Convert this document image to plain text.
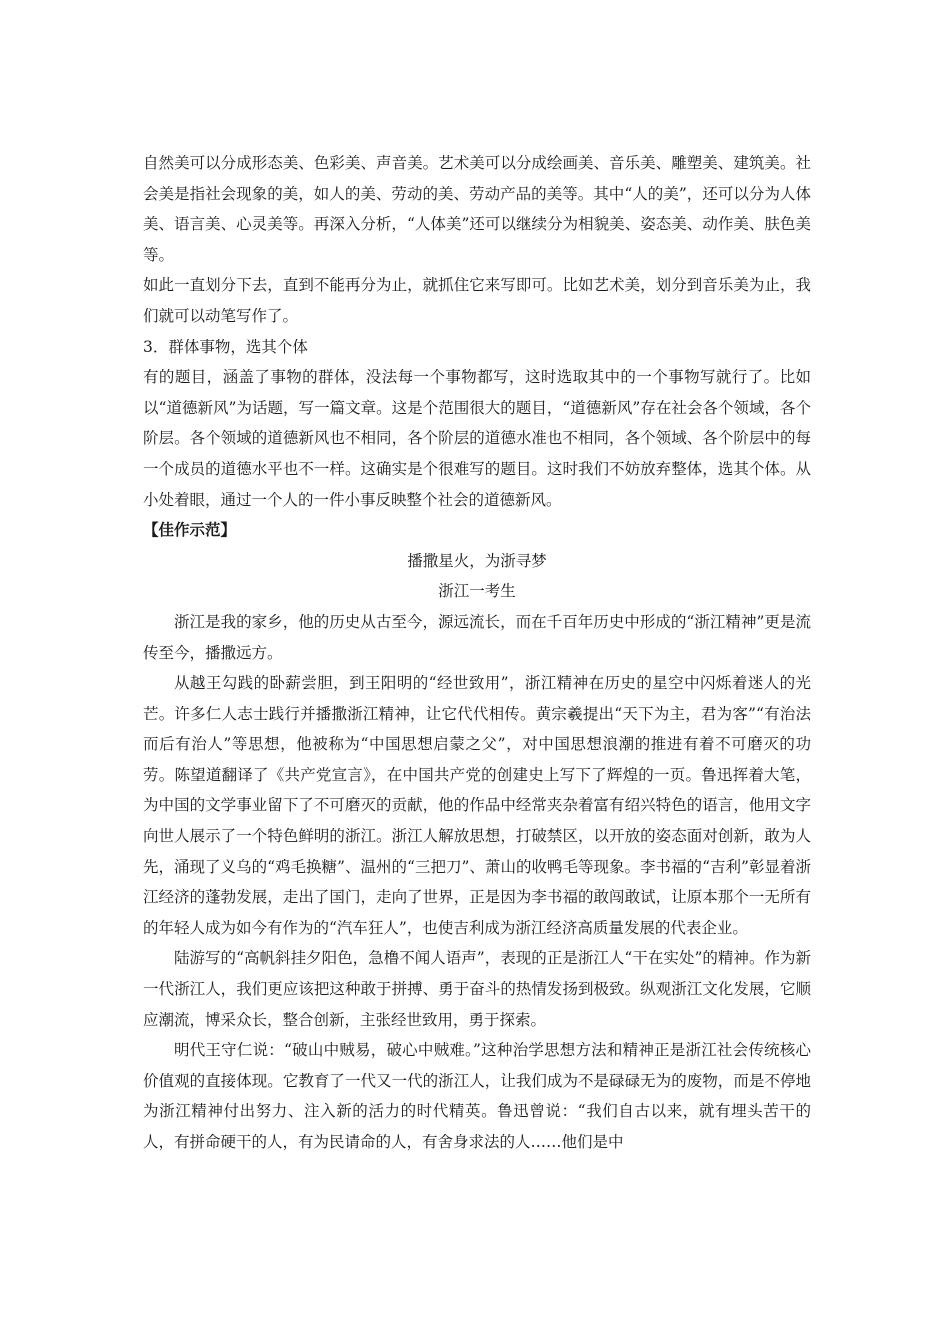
自然美可以分成形态美、色彩美、声音美。艺术美可以分成绘画美、音乐美、雕塑美、建筑美。社会美是指社会现象的美，如人的美、劳动的美、劳动产品的美等。其中“人的美”，还可以分为人体美、语言美、心灵美等。再深入分析，“人体美”还可以继续分为相貌美、姿态美、动作美、肤色美等。

如此一直划分下去，直到不能再分为止，就抓住它来写即可。比如艺术美，划分到音乐美为止，我们就可以动笔写作了。

3．群体事物，选其个体

有的题目，涵盖了事物的群体，没法每一个事物都写，这时选取其中的一个事物写就行了。比如以“道德新风”为话题，写一篇文章。这是个范围很大的题目，“道德新风”存在社会各个领域，各个阶层。各个领域的道德新风也不相同，各个阶层的道德水准也不相同，各个领域、各个阶层中的每一个成员的道德水平也不一样。这确实是个很难写的题目。这时我们不妨放弃整体，选其个体。从小处着眼，通过一个人的一件小事反映整个社会的道德新风。

【佳作示范】

播撒星火，为浙寻梦

浙江一考生

浙江是我的家乡，他的历史从古至今，源远流长，而在千百年历史中形成的“浙江精神”更是流传至今，播撒远方。

从越王勾践的卧薪尝胆，到王阳明的“经世致用”，浙江精神在历史的星空中闪烁着迷人的光芒。许多仁人志士践行并播撒浙江精神，让它代代相传。黄宗羲提出“天下为主，君为客”“有治法而后有治人”等思想，他被称为“中国思想启蒙之父”，对中国思想浪潮的推进有着不可磨灭的功劳。陈望道翻译了《共产党宣言》，在中国共产党的创建史上写下了辉煌的一页。鲁迅挥着大笔，为中国的文学事业留下了不可磨灭的贡献，他的作品中经常夹杂着富有绍兴特色的语言，他用文字向世人展示了一个特色鲜明的浙江。浙江人解放思想，打破禁区，以开放的姿态面对创新，敢为人先，涌现了义乌的“鸡毛换糖”、温州的“三把刀”、萧山的收鸭毛等现象。李书福的“吉利”彰显着浙江经济的蓬勃发展，走出了国门，走向了世界，正是因为李书福的敢闯敢试，让原本那个一无所有的年轻人成为如今有作为的“汽车狂人”，也使吉利成为浙江经济高质量发展的代表企业。

陆游写的“高帆斜挂夕阳色，急橹不闻人语声”，表现的正是浙江人“干在实处”的精神。作为新一代浙江人，我们更应该把这种敢于拼搏、勇于奋斗的热情发扬到极致。纵观浙江文化发展，它顺应潮流，博采众长，整合创新，主张经世致用，勇于探索。

明代王守仁说：“破山中贼易，破心中贼难。”这种治学思想方法和精神正是浙江社会传统核心价值观的直接体现。它教育了一代又一代的浙江人，让我们成为不是碌碌无为的废物，而是不停地为浙江精神付出努力、注入新的活力的时代精英。鲁迅曾说：“我们自古以来，就有埋头苦干的人，有拼命硬干的人，有为民请命的人，有舍身求法的人……他们是中
